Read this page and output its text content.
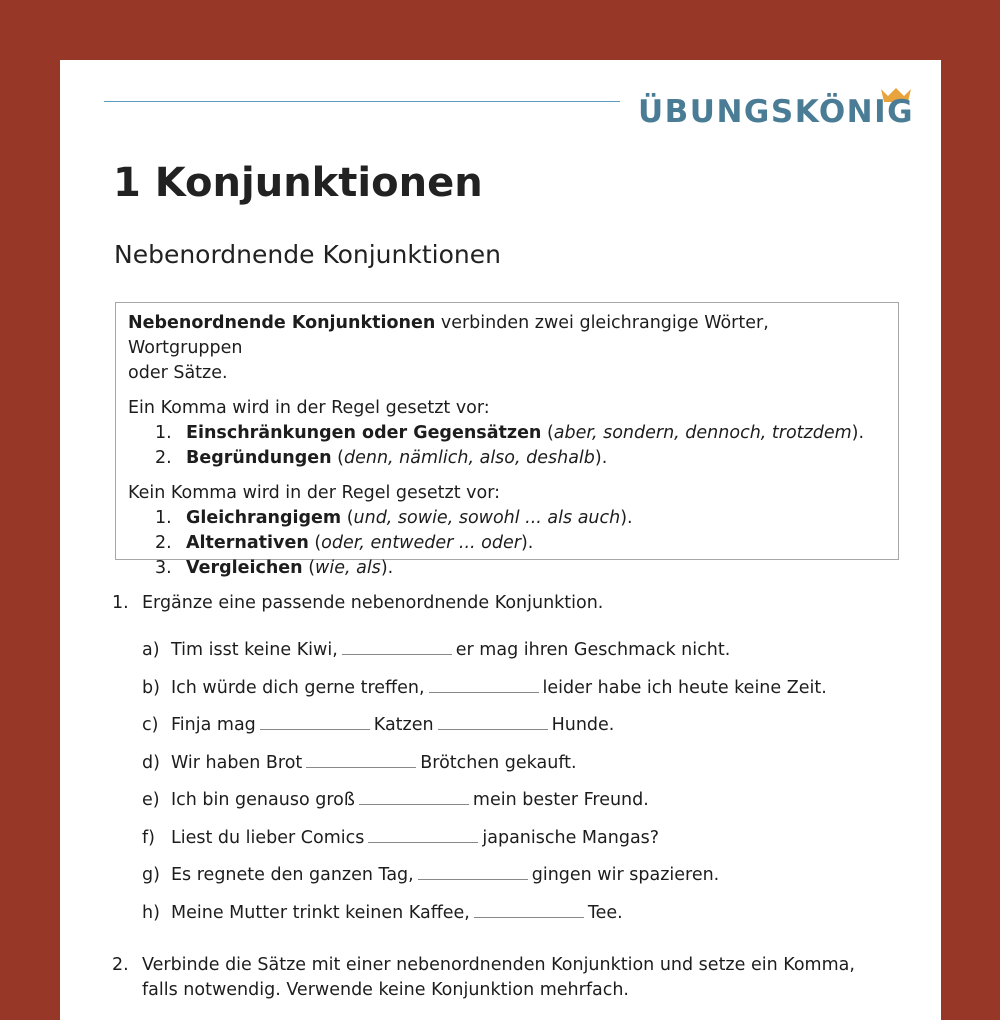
ÜBUNGSKÖNIG
1 Konjunktionen
Nebenordnende Konjunktionen

Nebenordnende Konjunktionen verbinden zwei gleichrangige Wörter, Wortgruppen
oder Sätze.

Ein Komma wird in der Regel gesetzt vor:

1. Einschränkungen oder Gegensätzen (aber, sondern, dennoch, trotzdem).
2. Begründungen (denn, nämlich, also, deshalb).

Kein Komma wird in der Regel gesetzt vor:

1. Gleichrangigem (und, sowie, sowohl ... als auch).
2. Alternativen (oder, entweder ... oder).
3. Vergleichen (wie, als).
1. Ergänze eine passende nebenordnende Konjunktion.
a) Tim isst keine Kiwi,	er mag ihren Geschmack nicht.
b) Ich würde dich gerne treffen,	leider habe ich heute keine Zeit.
c) Finja mag	Katzen	Hunde.
d) Wir haben Brot	Brötchen gekauft.
e) Ich bin genauso groß	mein bester Freund.
f) Liest du lieber Comics	japanische Mangas?
g) Es regnete den ganzen Tag,	gingen wir spazieren.
h) Meine Mutter trinkt keinen Kaffee,	Tee.
2. Verbinde die Sätze mit einer nebenordnenden Konjunktion und setze ein Komma,
falls notwendig. Verwende keine Konjunktion mehrfach.
